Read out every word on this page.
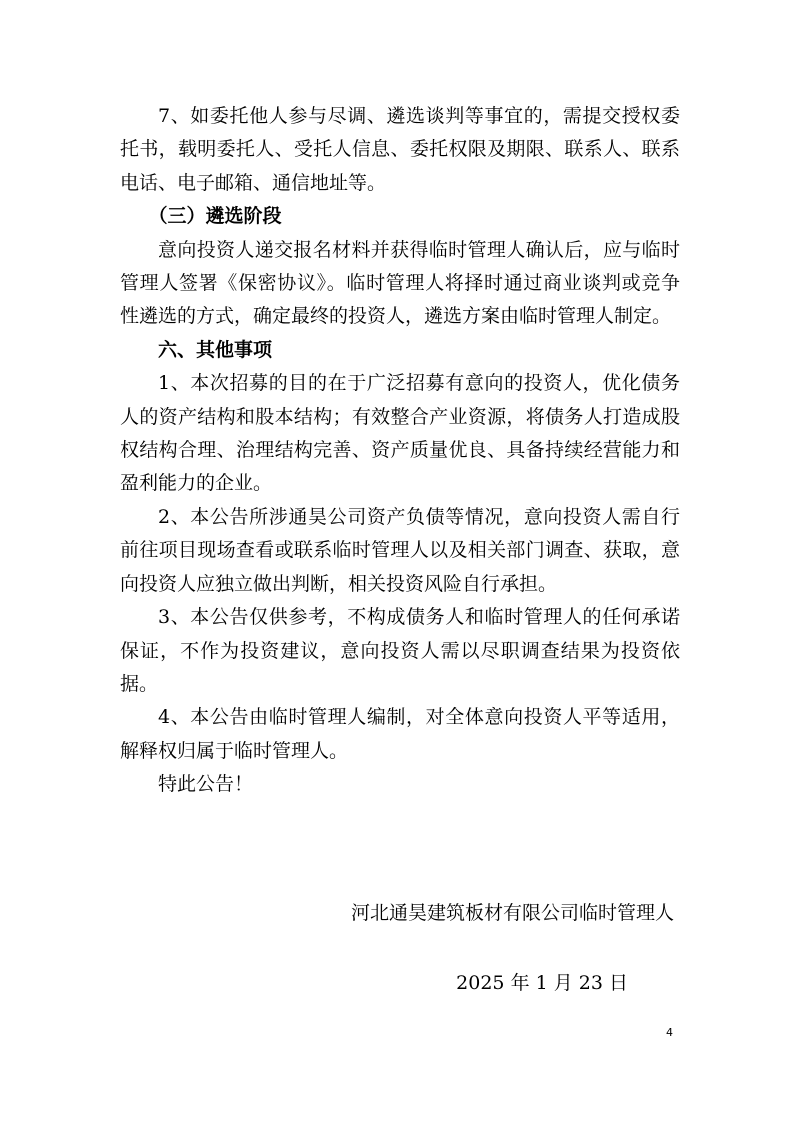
7、如委托他人参与尽调、遴选谈判等事宜的，需提交授权委托书，载明委托人、受托人信息、委托权限及期限、联系人、联系电话、电子邮箱、通信地址等。

（三）遴选阶段

意向投资人递交报名材料并获得临时管理人确认后，应与临时管理人签署《保密协议》。临时管理人将择时通过商业谈判或竞争性遴选的方式，确定最终的投资人，遴选方案由临时管理人制定。

六、其他事项

1、本次招募的目的在于广泛招募有意向的投资人，优化债务人的资产结构和股本结构；有效整合产业资源，将债务人打造成股权结构合理、治理结构完善、资产质量优良、具备持续经营能力和盈利能力的企业。

2、本公告所涉通昊公司资产负债等情况，意向投资人需自行前往项目现场查看或联系临时管理人以及相关部门调查、获取，意向投资人应独立做出判断，相关投资风险自行承担。

3、本公告仅供参考，不构成债务人和临时管理人的任何承诺保证，不作为投资建议，意向投资人需以尽职调查结果为投资依据。

4、本公告由临时管理人编制，对全体意向投资人平等适用，解释权归属于临时管理人。

特此公告！

河北通昊建筑板材有限公司临时管理人
2025 年 1 月 23 日
4
